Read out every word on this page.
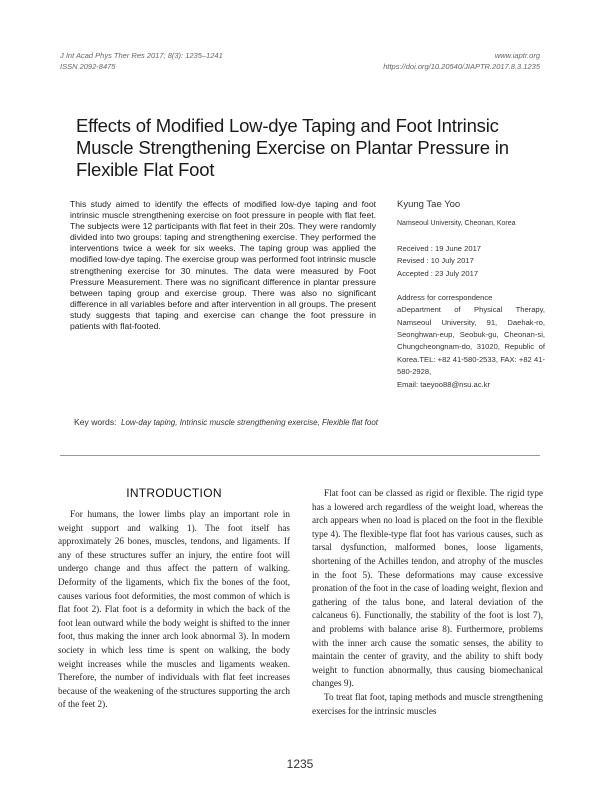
J Int Acad Phys Ther Res 2017; 8(3): 1235–1241
ISSN 2092-8475
www.iaptr.org
https://doi.org/10.20540/JIAPTR.2017.8.3.1235
Effects of Modified Low-dye Taping and Foot Intrinsic Muscle Strengthening Exercise on Plantar Pressure in Flexible Flat Foot
This study aimed to identify the effects of modified low-dye taping and foot intrinsic muscle strengthening exercise on foot pressure in people with flat feet. The subjects were 12 participants with flat feet in their 20s. They were randomly divided into two groups: taping and strengthening exercise. They performed the interventions twice a week for six weeks. The taping group was applied the modified low-dye taping. The exercise group was performed foot intrinsic muscle strengthening exercise for 30 minutes. The data were measured by Foot Pressure Measurement. There was no significant difference in plantar pressure between taping group and exercise group. There was also no significant difference in all variables before and after intervention in all groups. The present study suggests that taping and exercise can change the foot pressure in patients with flat-footed.
Kyung Tae Yoo
Namseoul University, Cheonan, Korea
Received : 19 June 2017
Revised : 10 July 2017
Accepted : 23 July 2017
Address for correspondence
aDepartment of Physical Therapy, Namseoul University, 91, Daehak-ro, Seonghwan-eup, Seobuk-gu, Cheonan-si, Chungcheongnam-do, 31020, Republic of Korea.TEL: +82 41-580-2533, FAX: +82 41-580-2928,
Email: taeyoo88@nsu.ac.kr
Key words: Low-day taping, Intrinsic muscle strengthening exercise, Flexible flat foot
INTRODUCTION

For humans, the lower limbs play an important role in weight support and walking 1). The foot itself has approximately 26 bones, muscles, tendons, and ligaments. If any of these structures suffer an injury, the entire foot will undergo change and thus affect the pattern of walking. Deformity of the ligaments, which fix the bones of the foot, causes various foot deformities, the most common of which is flat foot 2). Flat foot is a deformity in which the back of the foot lean outward while the body weight is shifted to the inner foot, thus making the inner arch look abnormal 3). In modern society in which less time is spent on walking, the body weight increases while the muscles and ligaments weaken. Therefore, the number of individuals with flat feet increases because of the weakening of the structures supporting the arch of the feet 2).

Flat foot can be classed as rigid or flexible. The rigid type has a lowered arch regardless of the weight load, whereas the arch appears when no load is placed on the foot in the flexible type 4). The flexible-type flat foot has various causes, such as tarsal dysfunction, malformed bones, loose ligaments, shortening of the Achilles tendon, and atrophy of the muscles in the foot 5). These deformations may cause excessive pronation of the foot in the case of loading weight, flexion and gathering of the talus bone, and lateral deviation of the calcaneus 6). Functionally, the stability of the foot is lost 7), and problems with balance arise 8). Furthermore, problems with the inner arch cause the somatic senses, the ability to maintain the center of gravity, and the ability to shift body weight to function abnormally, thus causing biomechanical changes 9).

To treat flat foot, taping methods and muscle strengthening exercises for the intrinsic muscles

1235
